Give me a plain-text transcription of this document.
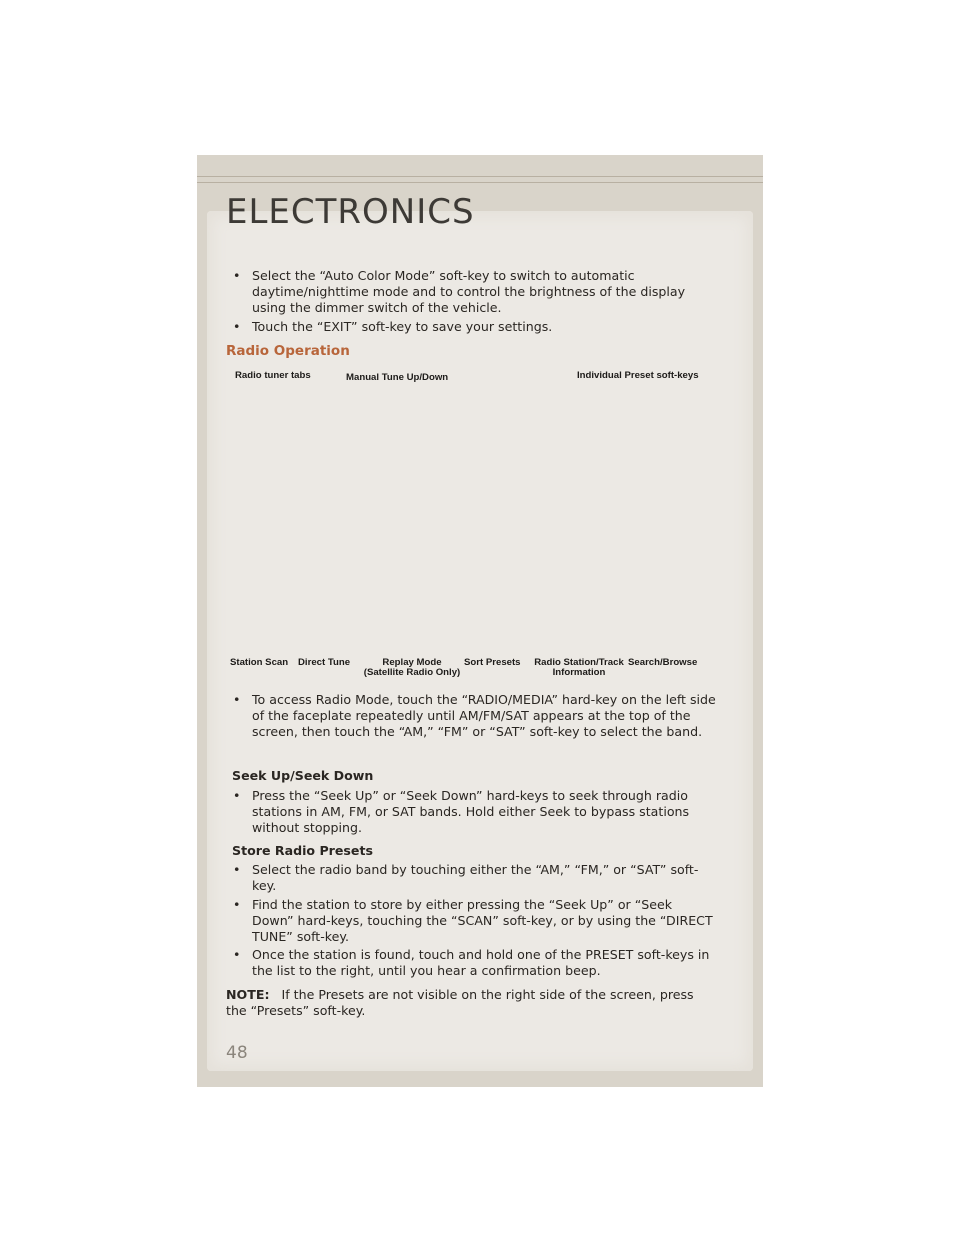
ELECTRONICS
• Select the “Auto Color Mode” soft-key to switch to automatic daytime/nighttime mode and to control the brightness of the display using the dimmer switch of the vehicle.
• Touch the “EXIT” soft-key to save your settings.
Radio Operation
Radio tuner tabs	Manual Tune Up/Down	Individual Preset soft-keys
Station Scan Direct Tune	Replay Mode
(Satellite Radio Only)
Sort Presets	Radio Station/Track
Information
Search/Browse
• To access Radio Mode, touch the “RADIO/MEDIA” hard-key on the left side of the faceplate repeatedly until AM/FM/SAT appears at the top of the screen, then touch the “AM,” “FM” or “SAT” soft-key to select the band.
Seek Up/Seek Down
• Press the “Seek Up” or “Seek Down” hard-keys to seek through radio stations in AM, FM, or SAT bands. Hold either Seek to bypass stations without stopping.
Store Radio Presets
• Select the radio band by touching either the “AM,” “FM,” or “SAT” soft-key.
• Find the station to store by either pressing the “Seek Up” or “Seek Down” hard-keys, touching the “SCAN” soft-key, or by using the “DIRECT TUNE” soft-key.
• Once the station is found, touch and hold one of the PRESET soft-keys in the list to the right, until you hear a confirmation beep.
NOTE: If the Presets are not visible on the right side of the screen, press the “Presets” soft-key.
48
